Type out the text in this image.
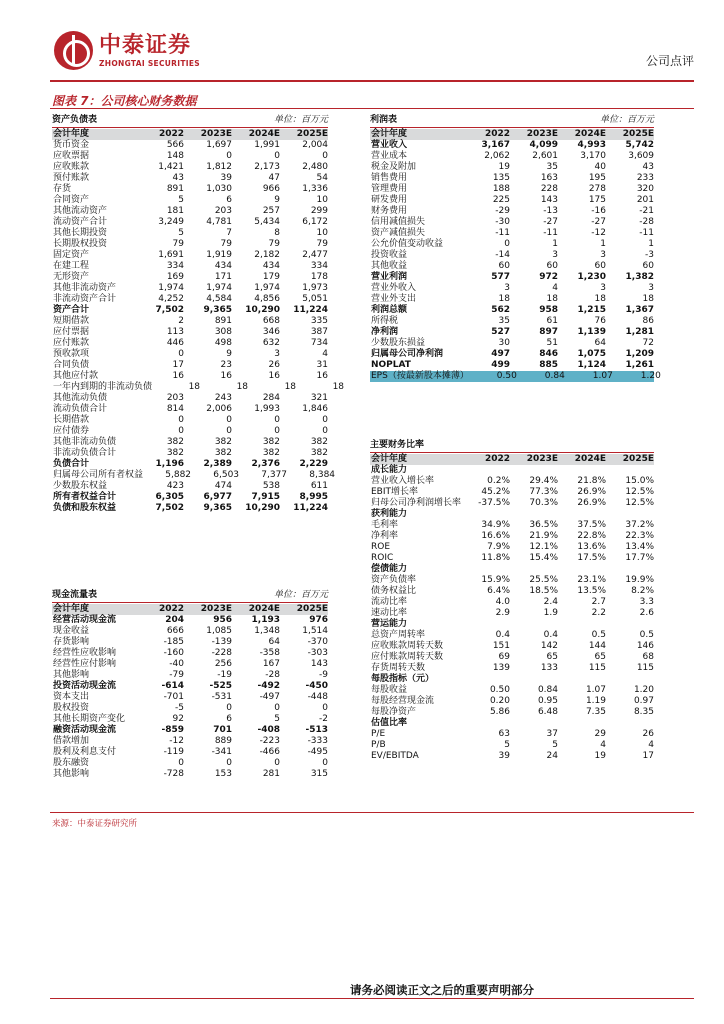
中泰证券
ZHONGTAI SECURITIES	公司点评
图表 7：公司核心财务数据
资产负债表	单位：百万元
会计年度	2022	2023E	2024E	2025E
货币资金	566	1,697	1,991	2,004
应收票据	148	0	0	0
应收账款	1,421	1,812	2,173	2,480
预付账款	43	39	47	54
存货	891	1,030	966	1,336
合同资产	5	6	9	10
其他流动资产	181	203	257	299
流动资产合计	3,249	4,781	5,434	6,172
其他长期投资	5	7	8	10
长期股权投资	79	79	79	79
固定资产	1,691	1,919	2,182	2,477
在建工程	334	434	434	334
无形资产	169	171	179	178
其他非流动资产	1,974	1,974	1,974	1,973
非流动资产合计	4,252	4,584	4,856	5,051
资产合计	7,502	9,365	10,290	11,224
短期借款	2	891	668	335
应付票据	113	308	346	387
应付账款	446	498	632	734
预收款项	0	9	3	4
合同负债	17	23	26	31
其他应付款	16	16	16	16
一年内到期的非流动负债	18	18	18	18
其他流动负债	203	243	284	321
流动负债合计	814	2,006	1,993	1,846
长期借款	0	0	0	0
应付债券	0	0	0	0
其他非流动负债	382	382	382	382
非流动负债合计	382	382	382	382
负债合计	1,196	2,389	2,376	2,229
归属母公司所有者权益	5,882	6,503	7,377	8,384
少数股东权益	423	474	538	611
所有者权益合计	6,305	6,977	7,915	8,995
负债和股东权益	7,502	9,365	10,290	11,224
利润表	单位：百万元
会计年度	2022	2023E	2024E	2025E
营业收入	3,167	4,099	4,993	5,742
营业成本	2,062	2,601	3,170	3,609
税金及附加	19	35	40	43
销售费用	135	163	195	233
管理费用	188	228	278	320
研发费用	225	143	175	201
财务费用	-29	-13	-16	-21
信用减值损失	-30	-27	-27	-28
资产减值损失	-11	-11	-12	-11
公允价值变动收益	0	1	1	1
投资收益	-14	3	3	-3
其他收益	60	60	60	60
营业利润	577	972	1,230	1,382
营业外收入	3	4	3	3
营业外支出	18	18	18	18
利润总额	562	958	1,215	1,367
所得税	35	61	76	86
净利润	527	897	1,139	1,281
少数股东损益	30	51	64	72
归属母公司净利润	497	846	1,075	1,209
NOPLAT	499	885	1,124	1,261
EPS（按最新股本摊薄）	0.50	0.84	1.07	1.20
主要财务比率
会计年度	2022	2023E	2024E	2025E
成长能力
营业收入增长率	0.2%	29.4%	21.8%	15.0%
EBIT增长率	45.2%	77.3%	26.9%	12.5%
归母公司净利润增长率	-37.5%	70.3%	26.9%	12.5%
获利能力
毛利率	34.9%	36.5%	37.5%	37.2%
净利率	16.6%	21.9%	22.8%	22.3%
ROE	7.9%	12.1%	13.6%	13.4%
ROIC	11.8%	15.4%	17.5%	17.7%
偿债能力
资产负债率	15.9%	25.5%	23.1%	19.9%
债务权益比	6.4%	18.5%	13.5%	8.2%
流动比率	4.0	2.4	2.7	3.3
速动比率	2.9	1.9	2.2	2.6
营运能力
总资产周转率	0.4	0.4	0.5	0.5
应收账款周转天数	151	142	144	146
应付账款周转天数	69	65	65	68
存货周转天数	139	133	115	115
每股指标（元）
每股收益	0.50	0.84	1.07	1.20
每股经营现金流	0.20	0.95	1.19	0.97
每股净资产	5.86	6.48	7.35	8.35
估值比率
P/E	63	37	29	26
P/B	5	5	4	4
EV/EBITDA	39	24	19	17
现金流量表	单位：百万元
会计年度	2022	2023E	2024E	2025E
经营活动现金流	204	956	1,193	976
现金收益	666	1,085	1,348	1,514
存货影响	-185	-139	64	-370
经营性应收影响	-160	-228	-358	-303
经营性应付影响	-40	256	167	143
其他影响	-79	-19	-28	-9
投资活动现金流	-614	-525	-492	-450
资本支出	-701	-531	-497	-448
股权投资	-5	0	0	0
其他长期资产变化	92	6	5	-2
融资活动现金流	-859	701	-408	-513
借款增加	-12	889	-223	-333
股利及利息支付	-119	-341	-466	-495
股东融资	0	0	0	0
其他影响	-728	153	281	315
来源：中泰证券研究所
请务必阅读正文之后的重要声明部分
